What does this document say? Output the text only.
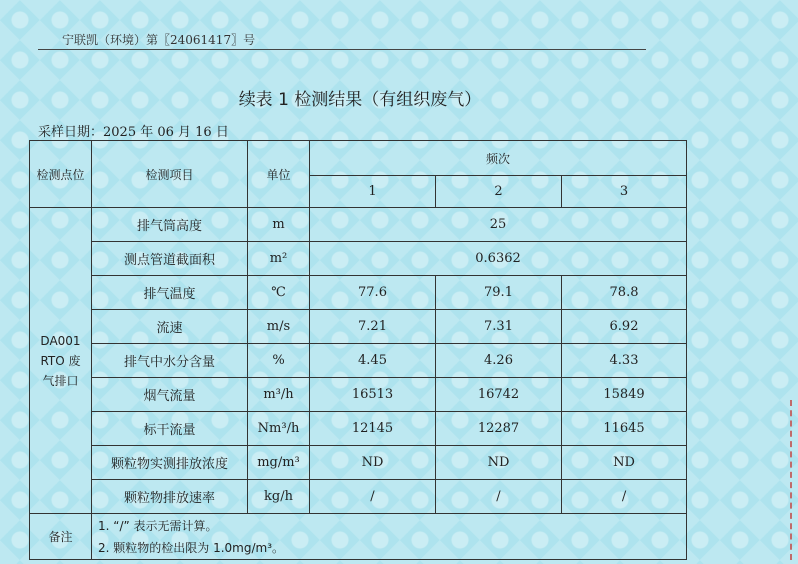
宁联凯（环境）第〖24061417〗号
续表 1 检测结果（有组织废气）
采样日期：2025 年 06 月 16 日
检测点位	检测项目	单位	频次		
			1	2	3

DA001
RTO 废
气排口	排气筒高度	m	25		
	测点管道截面积	m²	0.6362		
	排气温度	℃	77.6	79.1	78.8
	流速	m/s	7.21	7.31	6.92
	排气中水分含量	%	4.45	4.26	4.33
	烟气流量	m³/h	16513	16742	15849
	标干流量	Nm³/h	12145	12287	11645
	颗粒物实测排放浓度	mg/m³	ND	ND	ND
	颗粒物排放速率	kg/h	/	/	/
备注	1. “/” 表示无需计算。
2. 颗粒物的检出限为 1.0mg/m³。				
